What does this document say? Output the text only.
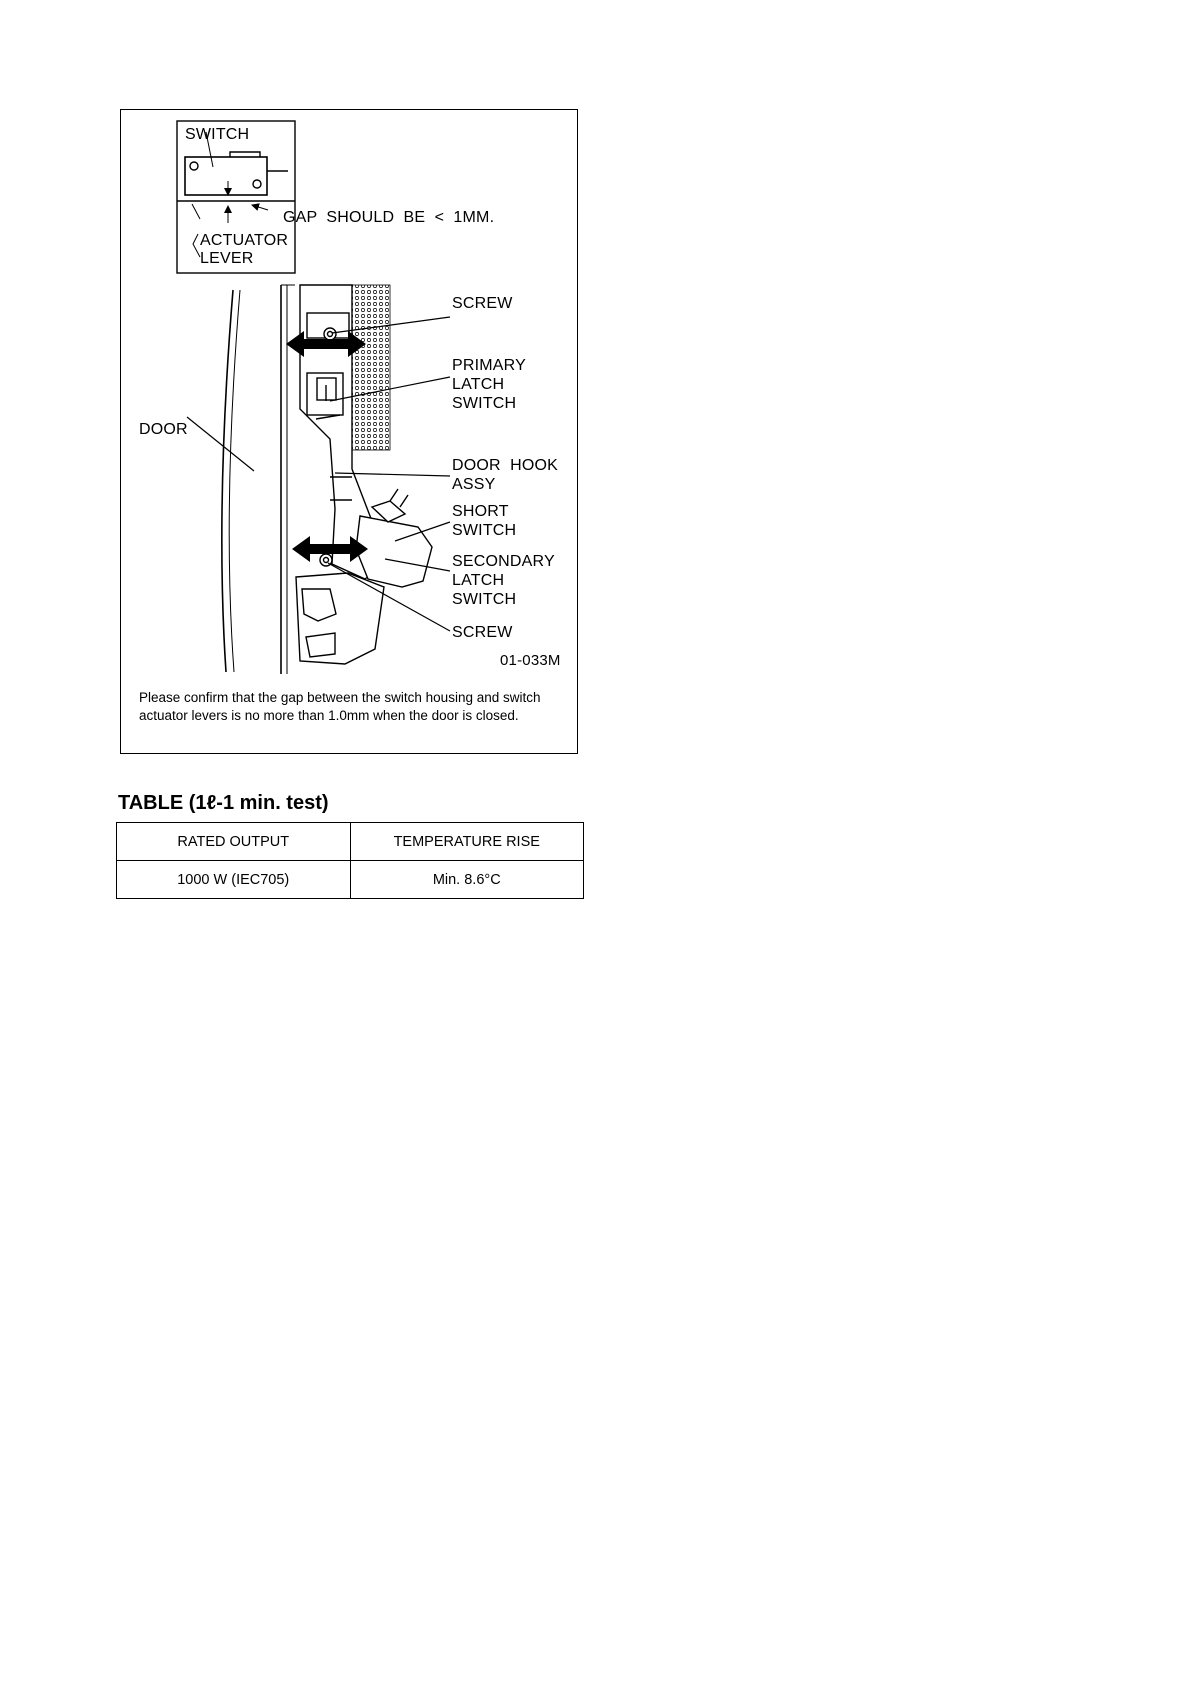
SWITCH
GAP  SHOULD  BE  <  1MM.
ACTUATOR
LEVER
DOOR
SCREW
PRIMARY
LATCH
SWITCH
DOOR  HOOK
ASSY
SHORT
SWITCH
SECONDARY
LATCH
SWITCH
SCREW
01-033M
Please confirm that the gap between the switch housing and switch actuator levers is no more than 1.0mm when the door is closed.
TABLE (1ℓ-1 min. test)
RATED OUTPUT	TEMPERATURE RISE
1000 W (IEC705)	Min. 8.6°C
